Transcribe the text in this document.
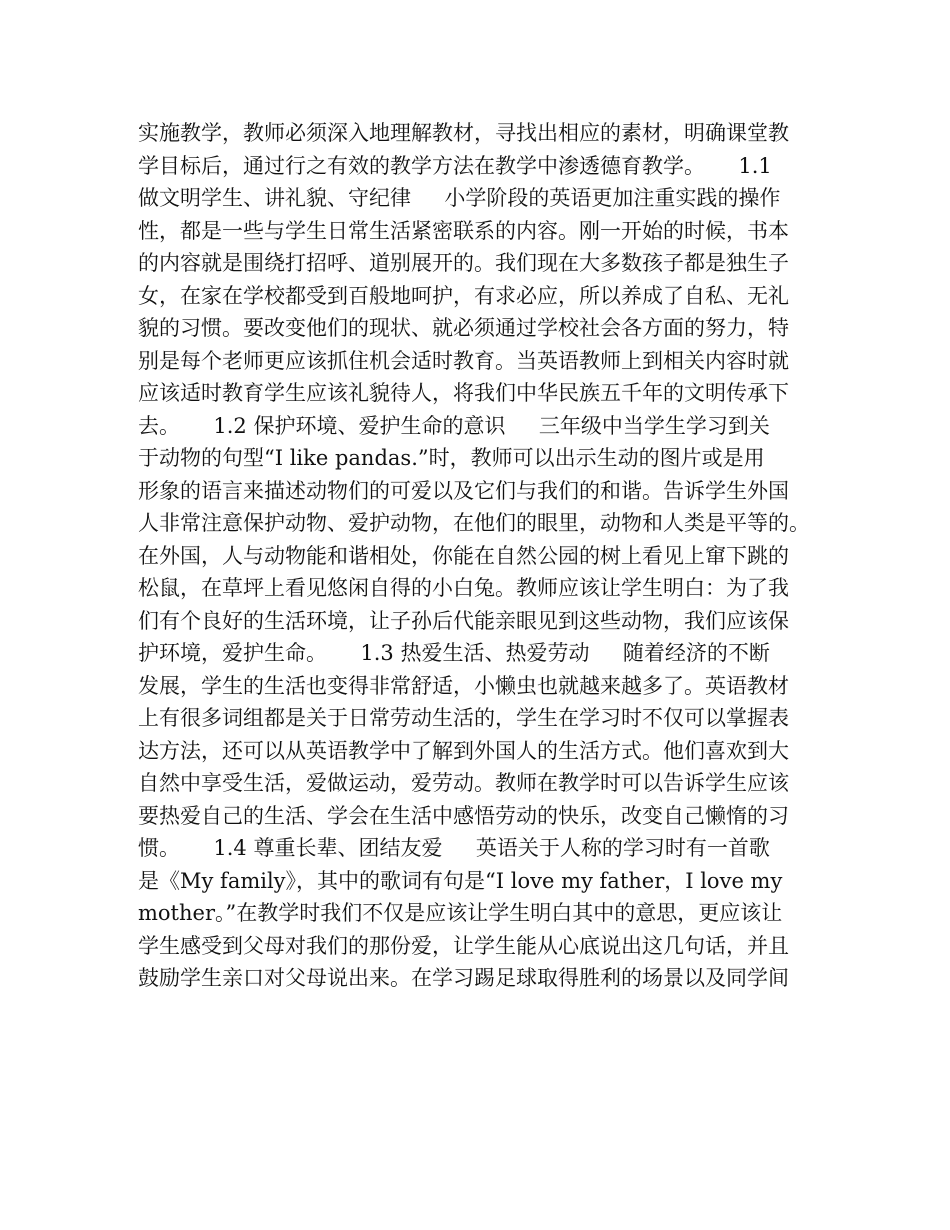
实施教学，教师必须深入地理解教材，寻找出相应的素材，明确课堂教
学目标后，通过行之有效的教学方法在教学中渗透德育教学。     1.1
做文明学生、讲礼貌、守纪律     小学阶段的英语更加注重实践的操作
性，都是一些与学生日常生活紧密联系的内容。刚一开始的时候，书本
的内容就是围绕打招呼、道别展开的。我们现在大多数孩子都是独生子
女，在家在学校都受到百般地呵护，有求必应，所以养成了自私、无礼
貌的习惯。要改变他们的现状、就必须通过学校社会各方面的努力，特
别是每个老师更应该抓住机会适时教育。当英语教师上到相关内容时就
应该适时教育学生应该礼貌待人，将我们中华民族五千年的文明传承下
去。     1.2 保护环境、爱护生命的意识     三年级中当学生学习到关
于动物的句型“I like pandas.”时，教师可以出示生动的图片或是用
形象的语言来描述动物们的可爱以及它们与我们的和谐。告诉学生外国
人非常注意保护动物、爱护动物，在他们的眼里，动物和人类是平等的。
在外国，人与动物能和谐相处，你能在自然公园的树上看见上窜下跳的
松鼠，在草坪上看见悠闲自得的小白兔。教师应该让学生明白：为了我
们有个良好的生活环境，让子孙后代能亲眼见到这些动物，我们应该保
护环境，爱护生命。     1.3 热爱生活、热爱劳动     随着经济的不断
发展，学生的生活也变得非常舒适，小懒虫也就越来越多了。英语教材
上有很多词组都是关于日常劳动生活的，学生在学习时不仅可以掌握表
达方法，还可以从英语教学中了解到外国人的生活方式。他们喜欢到大
自然中享受生活，爱做运动，爱劳动。教师在教学时可以告诉学生应该
要热爱自己的生活、学会在生活中感悟劳动的快乐，改变自己懒惰的习
惯。     1.4 尊重长辈、团结友爱     英语关于人称的学习时有一首歌
是《My family》，其中的歌词有句是“I love my father，I love my
mother。”在教学时我们不仅是应该让学生明白其中的意思，更应该让
学生感受到父母对我们的那份爱，让学生能从心底说出这几句话，并且
鼓励学生亲口对父母说出来。在学习踢足球取得胜利的场景以及同学间
